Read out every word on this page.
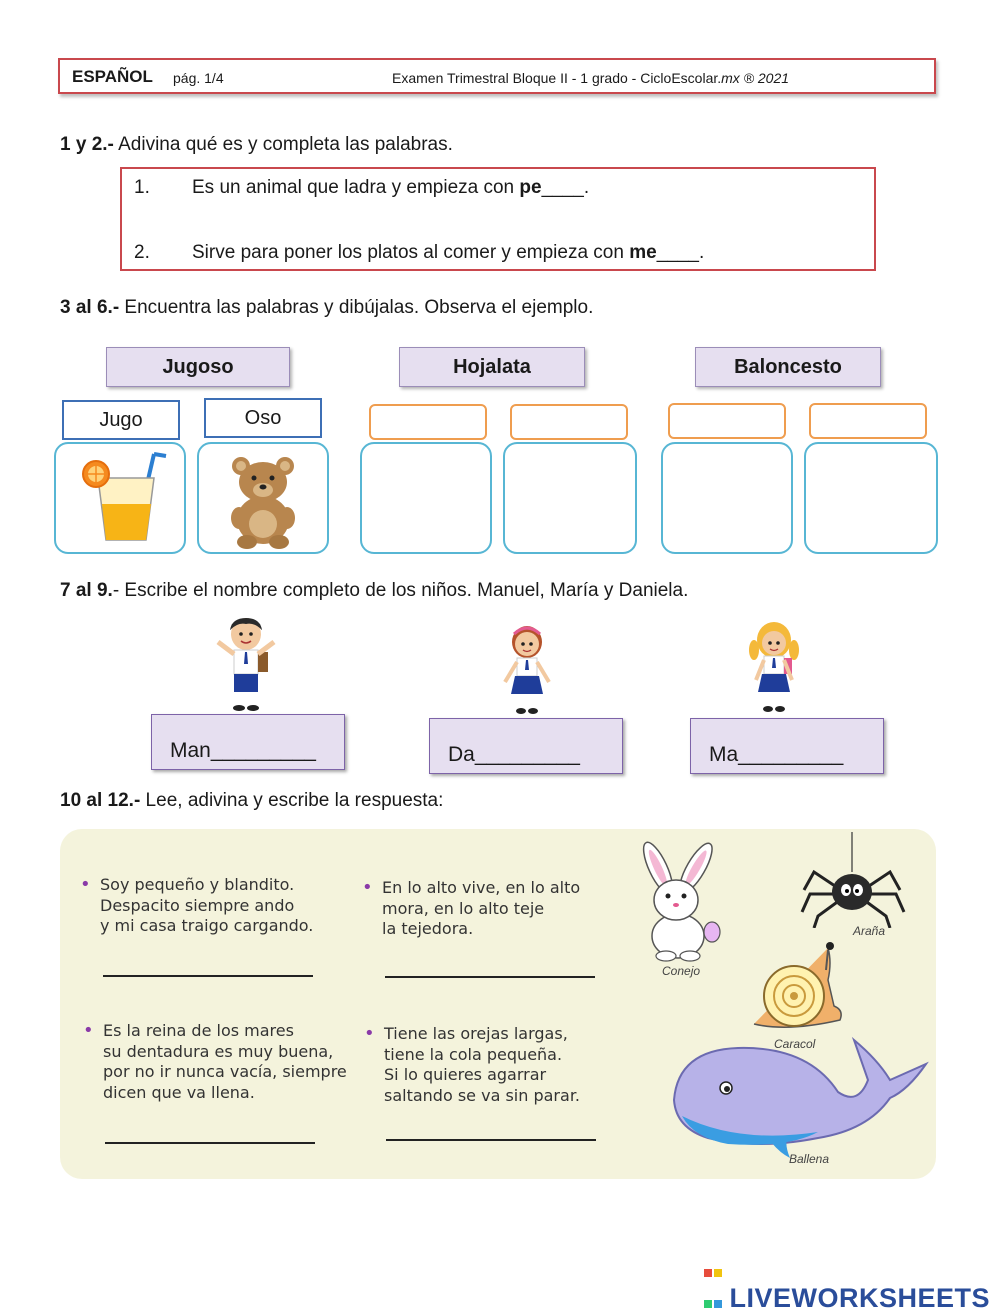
ESPAÑOL pág. 1/4	Examen Trimestral Bloque II - 1 grado - CicloEscolar.mx ® 2021
1 y 2.- Adivina qué es y completa las palabras.
1. Es un animal que ladra y empieza con pe____.
2. Sirve para poner los platos al comer y empieza con me____.
3 al 6.- Encuentra las palabras y dibújalas. Observa el ejemplo.
Jugoso	Hojalata	Baloncesto
Jugo	Oso
7 al 9.- Escribe el nombre completo de los niños. Manuel, María y Daniela.
Man_________	Da_________	Ma_________
10 al 12.- Lee, adivina y escribe la respuesta:
• Soy pequeño y blandito.
Despacito siempre ando
y mi casa traigo cargando.
• En lo alto vive, en lo alto
mora, en lo alto teje
la tejedora.
• Es la reina de los mares
su dentadura es muy buena,
por no ir nunca vacía, siempre
dicen que va llena.
• Tiene las orejas largas,
tiene la cola pequeña.
Si lo quieres agarrar
saltando se va sin parar.
Conejo
Araña
Caracol
Ballena

LIVEWORKSHEETS
